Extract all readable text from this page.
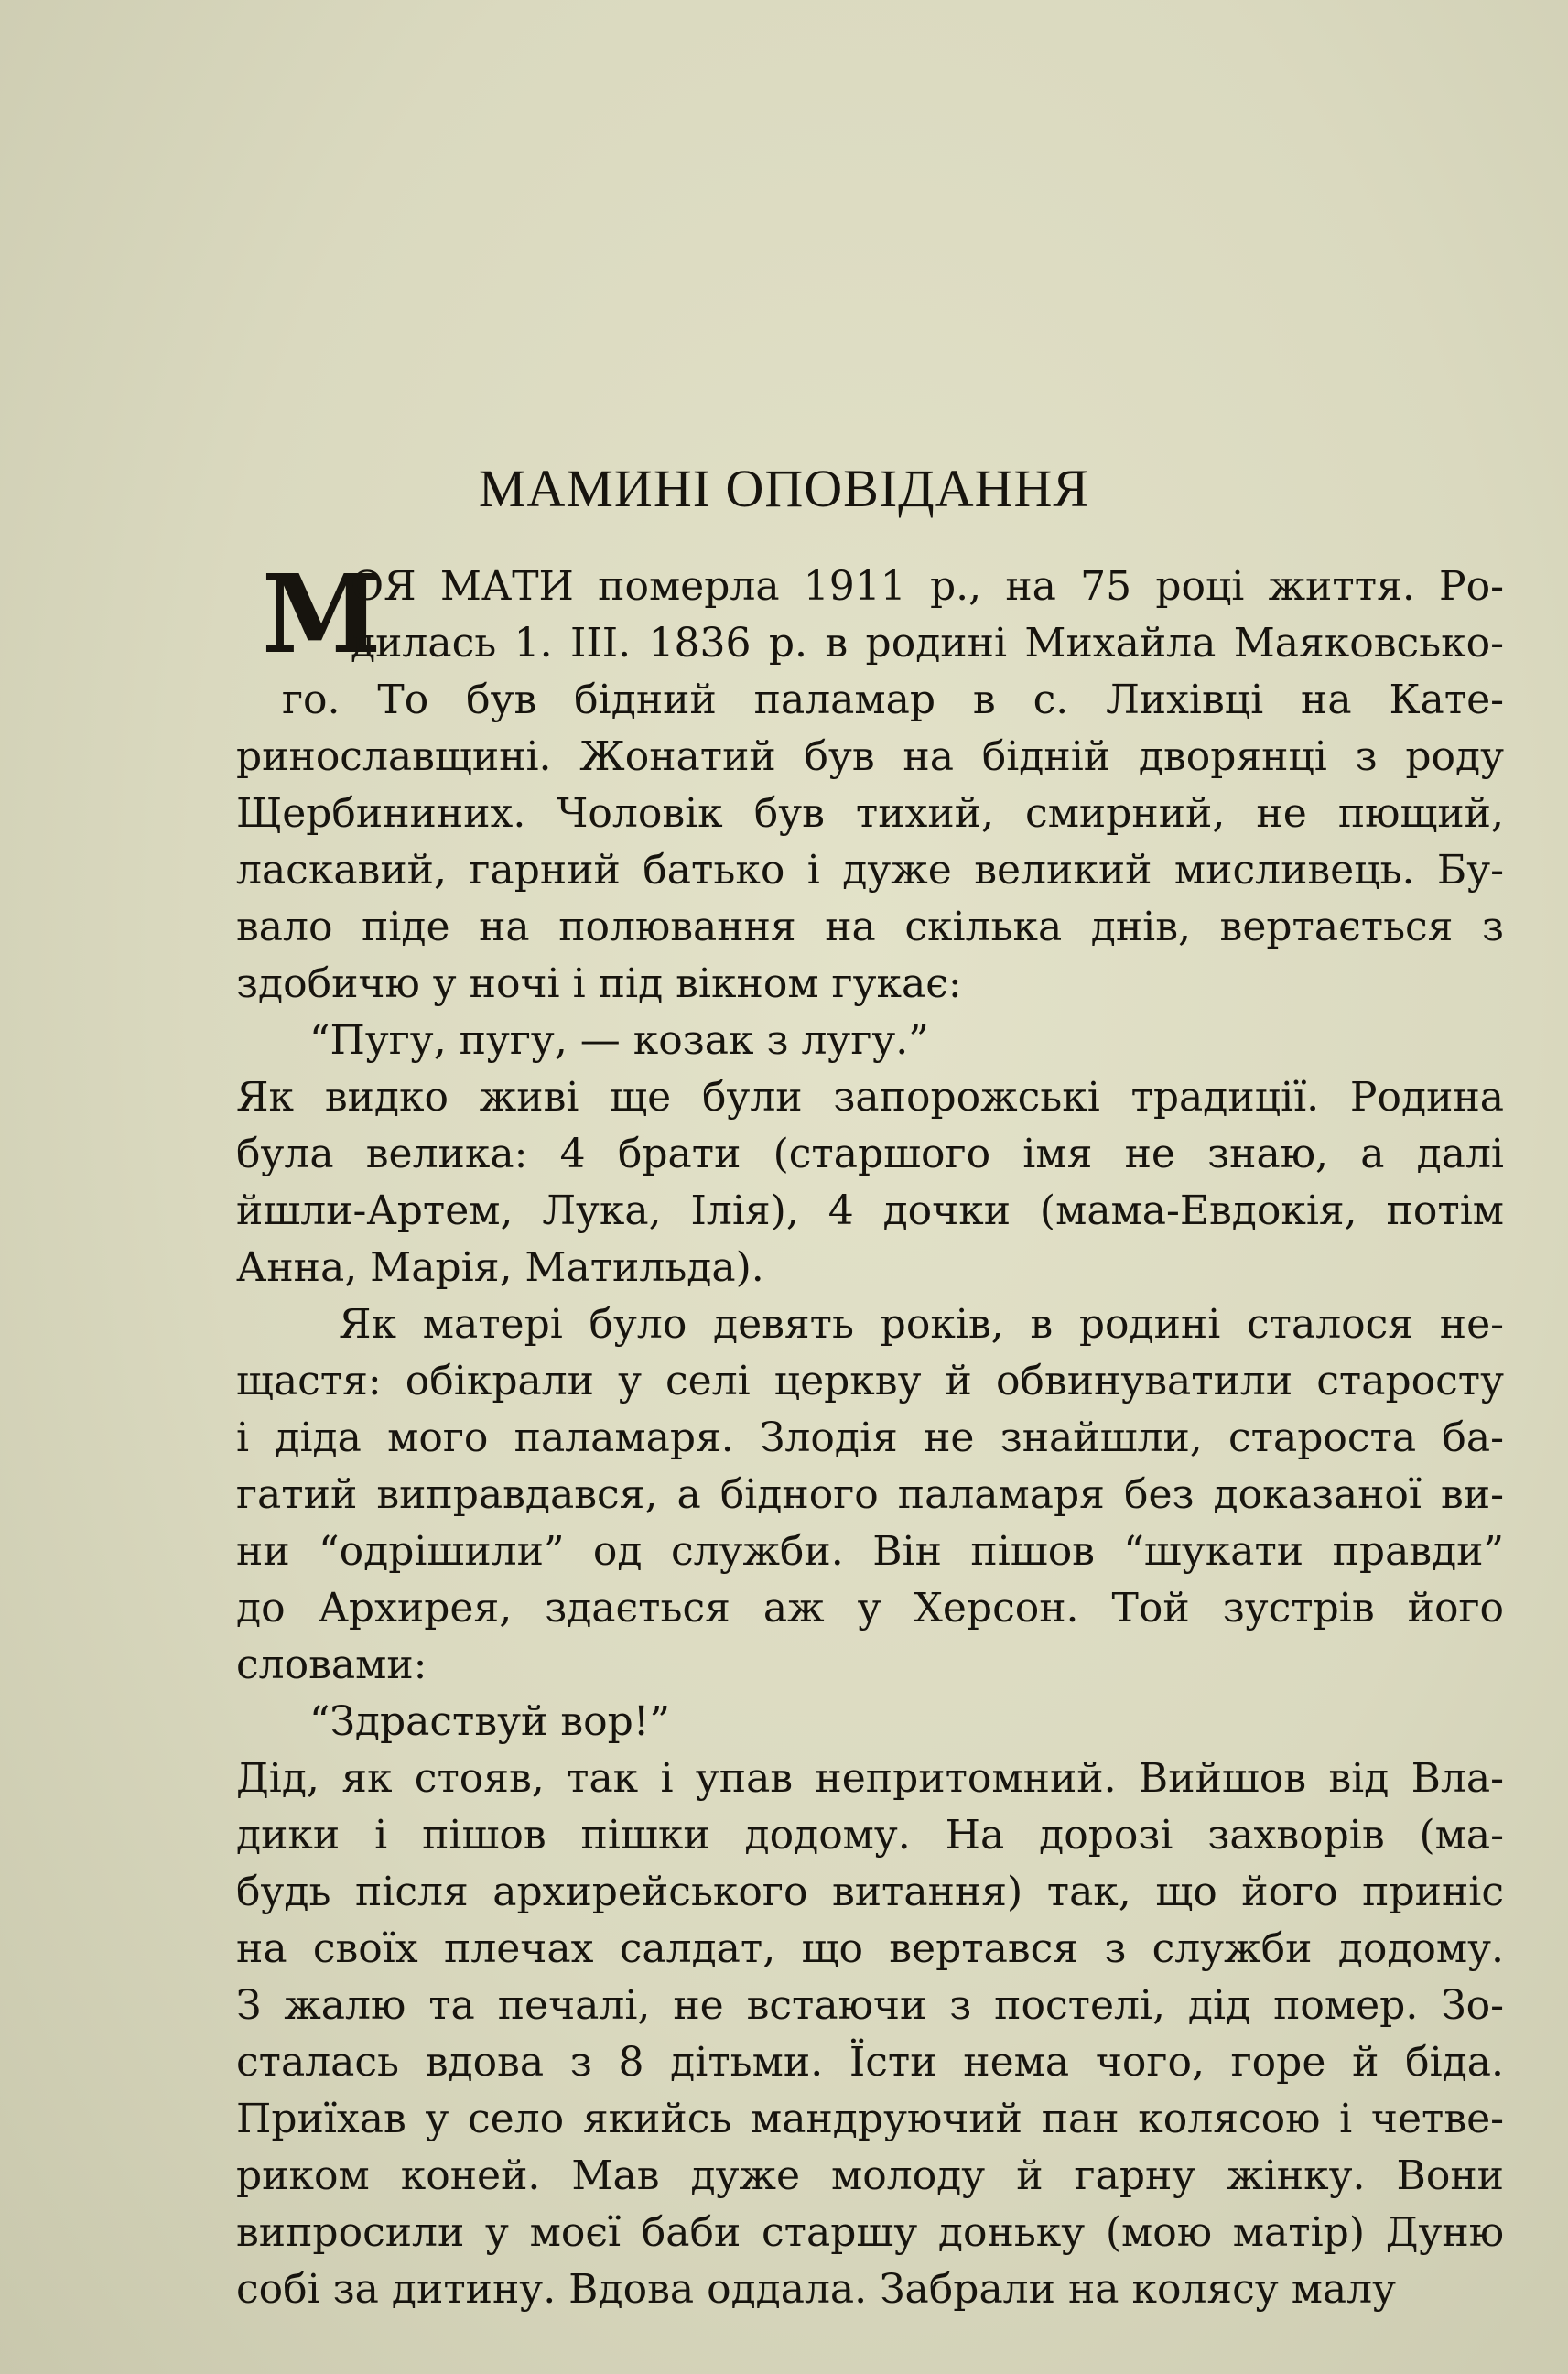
МАМИНІ ОПОВІДАННЯ
М
ОЯ МАТИ померла 1911 р., на 75 році життя. Ро-
дилась 1. III. 1836 р. в родині Михайла Маяковсько-
го. То був бідний паламар в с. Лихівці на Кате-
ринославщині. Жонатий був на бідній дворянці з роду
Щербининих. Чоловік був тихий, смирний, не пющий,
ласкавий, гарний батько і дуже великий мисливець. Бу-
вало піде на полювання на скілька днів, вертається з
здобичю у ночі і під вікном гукає:
“Пугу, пугу, — козак з лугу.”
Як видко живі ще були запорожські традиції. Родина
була велика: 4 брати (старшого імя не знаю, а далі
йшли-Артем, Лука, Ілія), 4 дочки (мама-Евдокія, потім
Анна, Марія, Матильда).
Як матері було девять років, в родині сталося не-
щастя: обікрали у селі церкву й обвинуватили старосту
і діда мого паламаря. Злодія не знайшли, староста ба-
гатий виправдався, а бідного паламаря без доказаної ви-
ни “одрішили” од служби. Він пішов “шукати правди”
до Архирея, здається аж у Херсон. Той зустрів його
словами:
“Здраствуй вор!”
Дід, як стояв, так і упав непритомний. Вийшов від Вла-
дики і пішов пішки додому. На дорозі захворів (ма-
будь після архирейського витання) так, що його приніс
на своїх плечах салдат, що вертався з служби додому.
З жалю та печалі, не встаючи з постелі, дід помер. Зо-
сталась вдова з 8 дітьми. Їсти нема чого, горе й біда.
Приїхав у село якийсь мандруючий пан колясою і четве-
риком коней. Мав дуже молоду й гарну жінку. Вони
випросили у моєї баби старшу доньку (мою матір) Дуню
собі за дитину. Вдова оддала. Забрали на колясу малу
